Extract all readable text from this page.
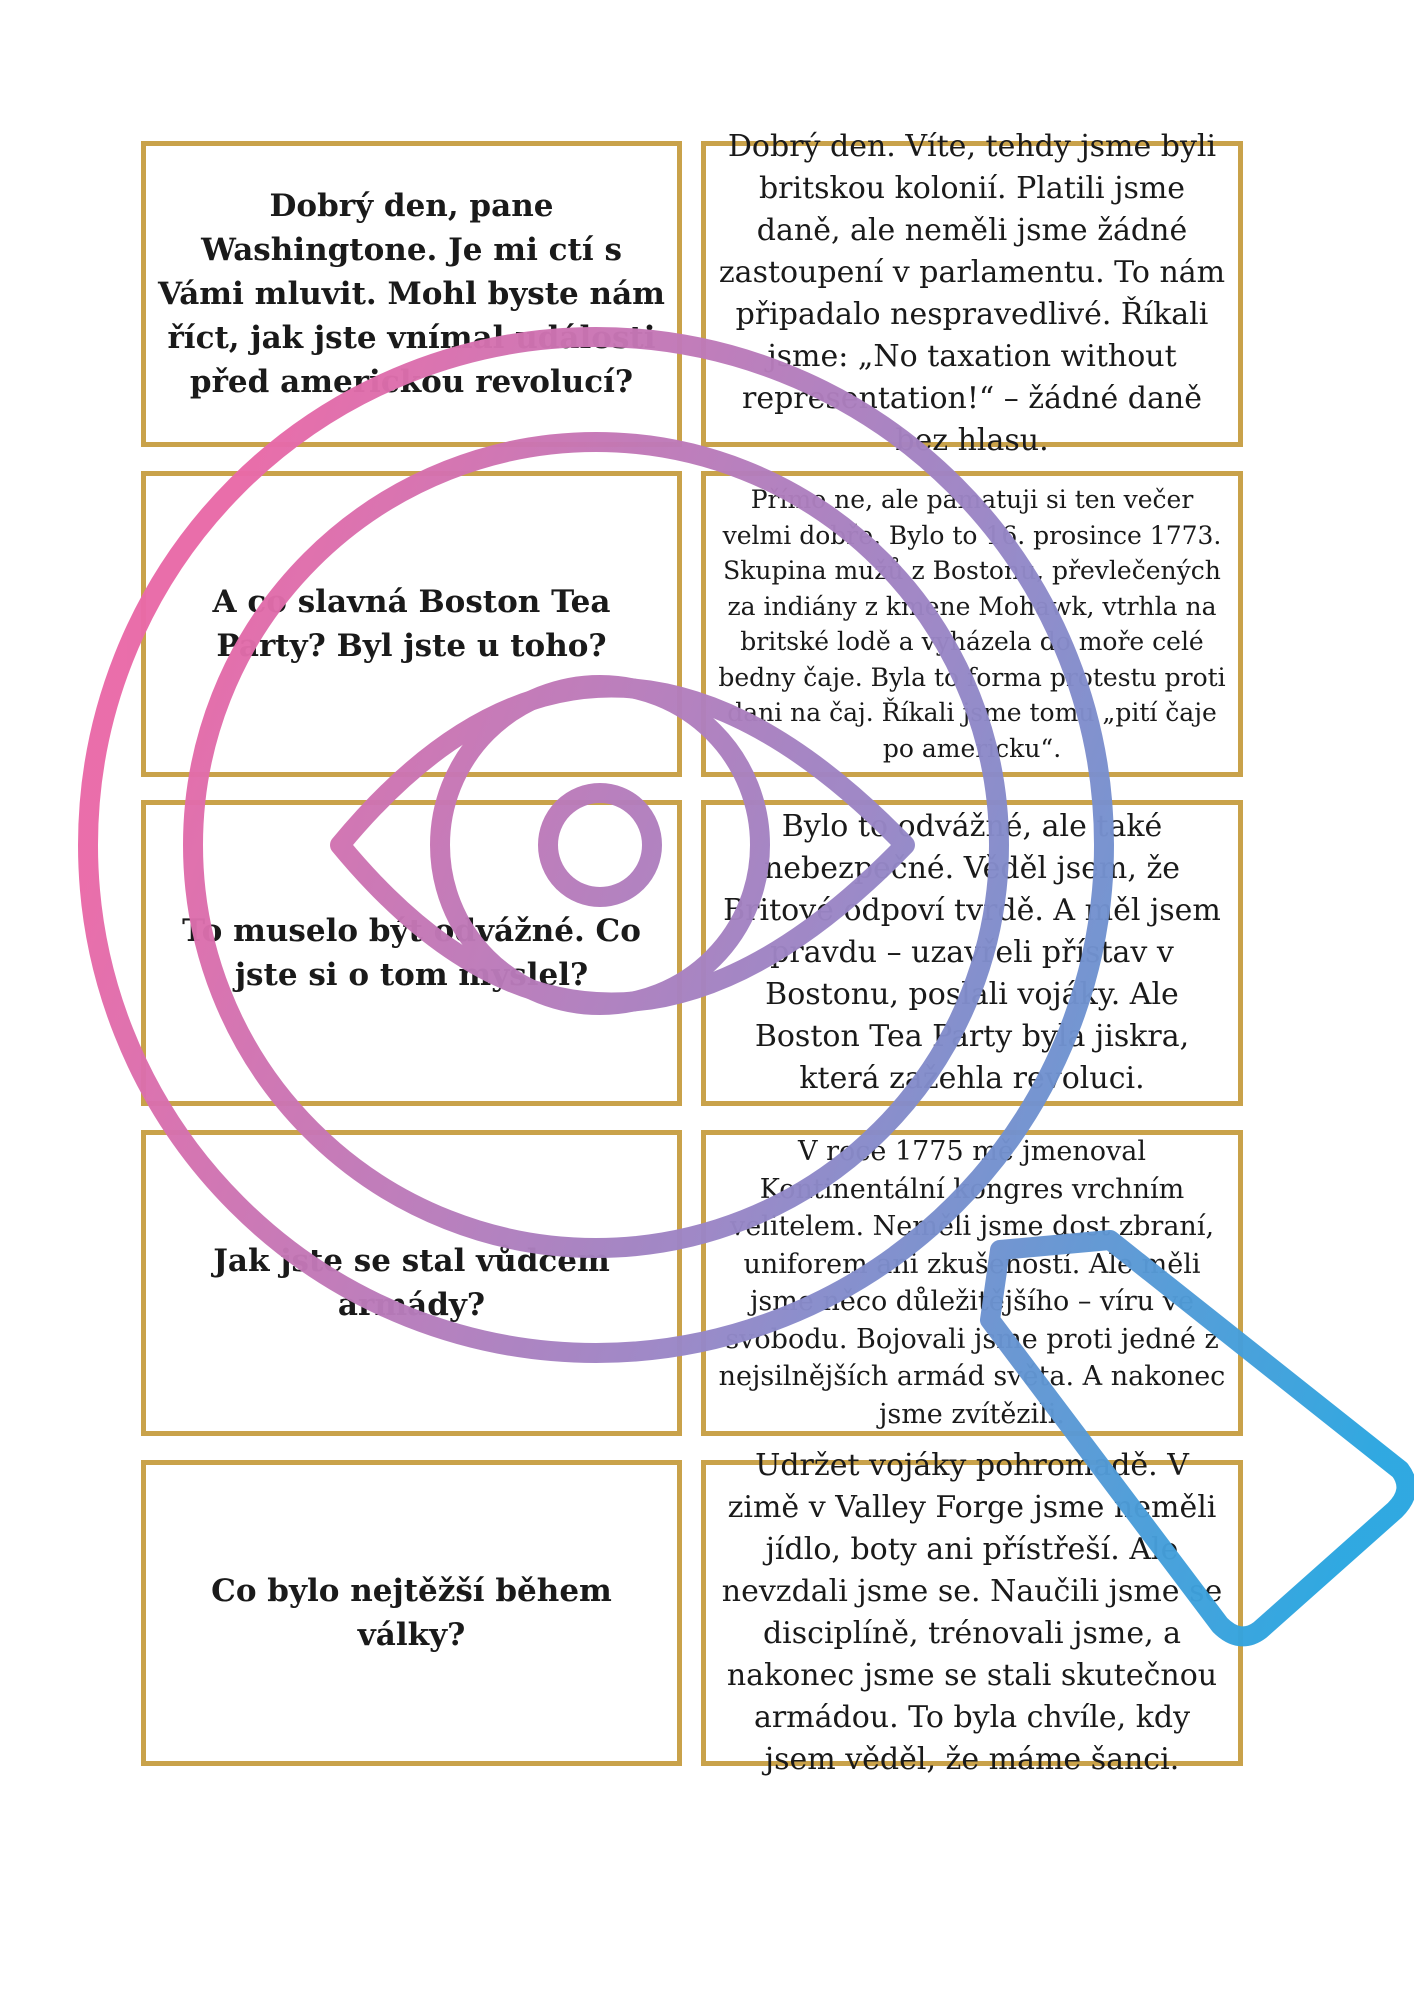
Dobrý den, pane Washingtone. Je mi ctí s Vámi mluvit. Mohl byste nám říct, jak jste vnímal události před americkou revolucí?
Dobrý den. Víte, tehdy jsme byli britskou kolonií. Platili jsme daně, ale neměli jsme žádné zastoupení v parlamentu. To nám připadalo nespravedlivé. Říkali jsme: „No taxation without representation!“ – žádné daně bez hlasu.
A co slavná Boston Tea Party? Byl jste u toho?
Přímo ne, ale pamatuji si ten večer velmi dobře. Bylo to 16. prosince 1773. Skupina mužů z Bostonu, převlečených za indiány z kmene Mohawk, vtrhla na britské lodě a vyházela do moře celé bedny čaje. Byla to forma protestu proti dani na čaj. Říkali jsme tomu „pití čaje po americku“.
To muselo být odvážné. Co jste si o tom myslel?
Bylo to odvážné, ale také nebezpečné. Věděl jsem, že Britové odpoví tvrdě. A měl jsem pravdu – uzavřeli přístav v Bostonu, poslali vojáky. Ale Boston Tea Party byla jiskra, která zažehla revoluci.
Jak jste se stal vůdcem armády?
V roce 1775 mě jmenoval Kontinentální kongres vrchním velitelem. Neměli jsme dost zbraní, uniforem ani zkušeností. Ale měli jsme něco důležitějšího – víru ve svobodu. Bojovali jsme proti jedné z nejsilnějších armád světa. A nakonec jsme zvítězili.
Co bylo nejtěžší během války?
Udržet vojáky pohromadě. V zimě v Valley Forge jsme neměli jídlo, boty ani přístřeší. Ale nevzdali jsme se. Naučili jsme se disciplíně, trénovali jsme, a nakonec jsme se stali skutečnou armádou. To byla chvíle, kdy jsem věděl, že máme šanci.
